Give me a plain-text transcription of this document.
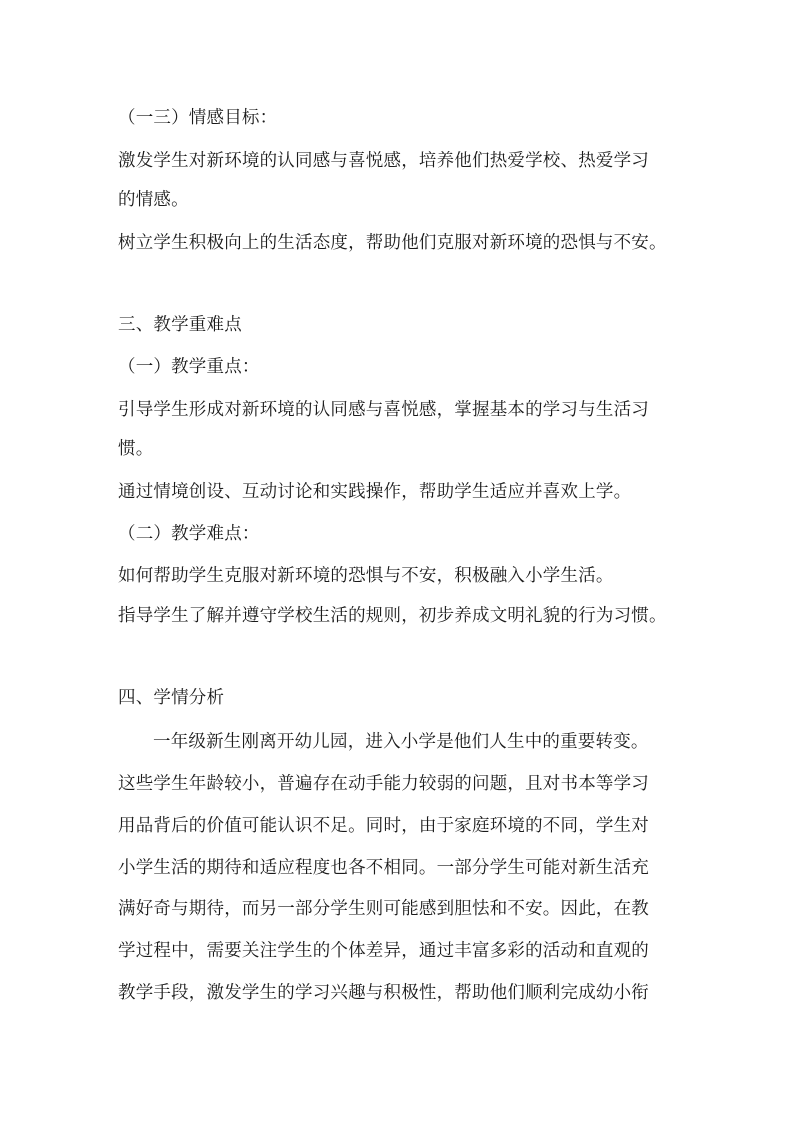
（一三）情感目标：
激发学生对新环境的认同感与喜悦感，培养他们热爱学校、热爱学习
的情感。
树立学生积极向上的生活态度，帮助他们克服对新环境的恐惧与不安。
三、教学重难点
（一）教学重点：
引导学生形成对新环境的认同感与喜悦感，掌握基本的学习与生活习
惯。
通过情境创设、互动讨论和实践操作，帮助学生适应并喜欢上学。
（二）教学难点：
如何帮助学生克服对新环境的恐惧与不安，积极融入小学生活。
指导学生了解并遵守学校生活的规则，初步养成文明礼貌的行为习惯。
四、学情分析
一年级新生刚离开幼儿园，进入小学是他们人生中的重要转变。
这些学生年龄较小，普遍存在动手能力较弱的问题，且对书本等学习
用品背后的价值可能认识不足。同时，由于家庭环境的不同，学生对
小学生活的期待和适应程度也各不相同。一部分学生可能对新生活充
满好奇与期待，而另一部分学生则可能感到胆怯和不安。因此，在教
学过程中，需要关注学生的个体差异，通过丰富多彩的活动和直观的
教学手段，激发学生的学习兴趣与积极性，帮助他们顺利完成幼小衔
